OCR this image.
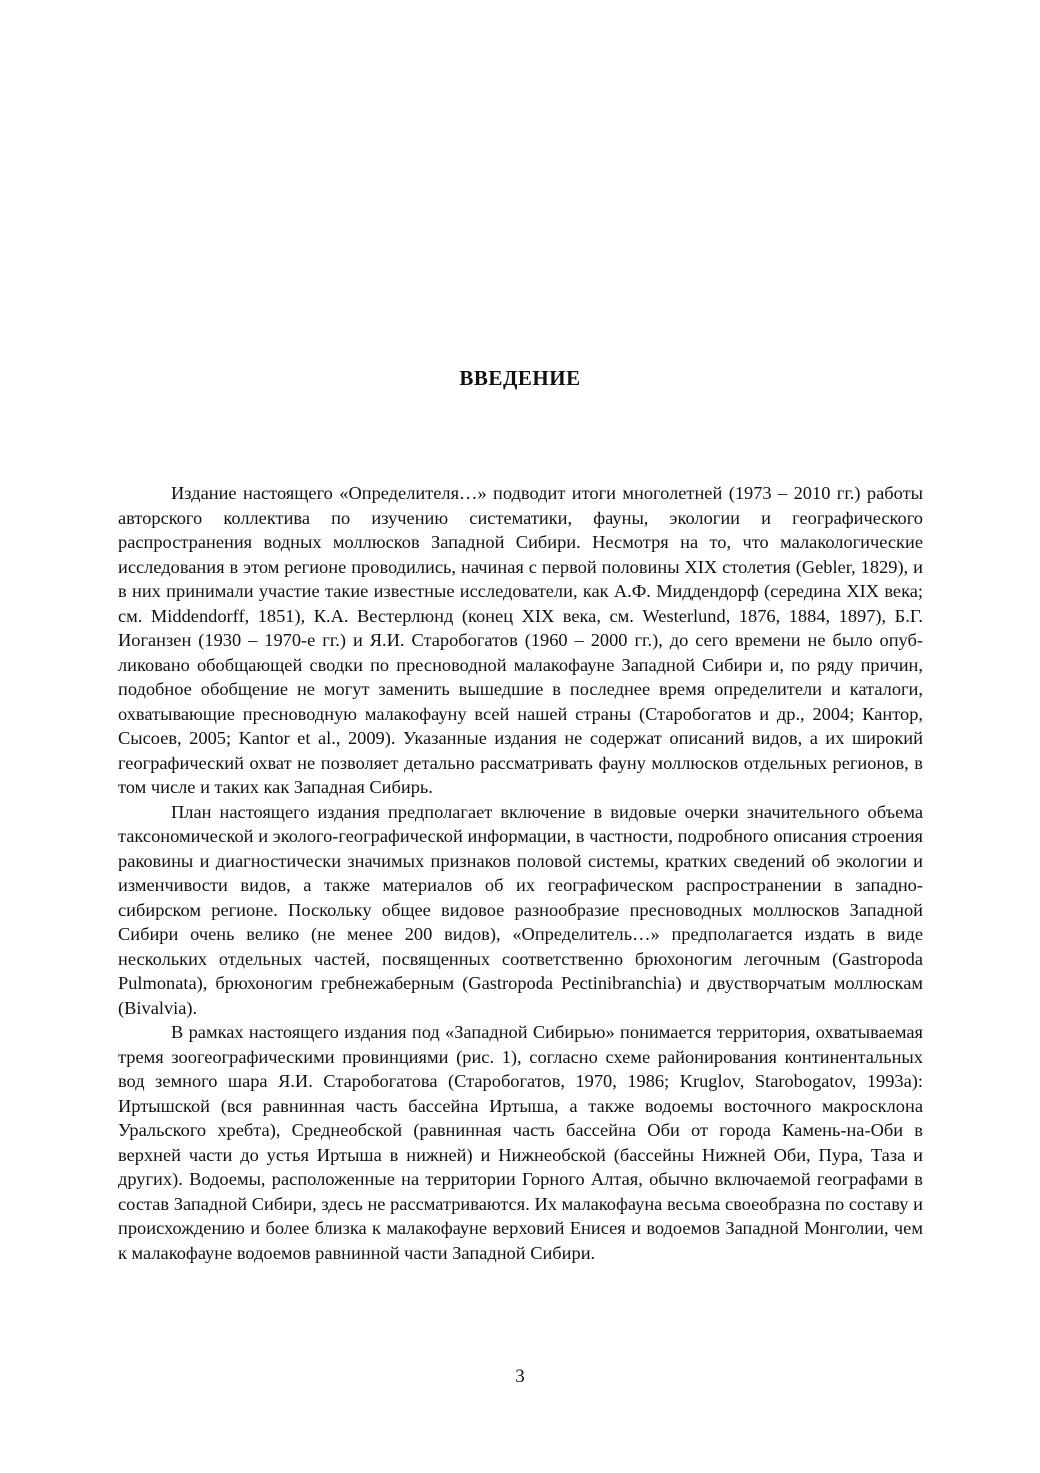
ВВЕДЕНИЕ

Издание настоящего «Определителя…» подводит итоги многолетней (1973 – 2010 гг.) работы авторского коллектива по изучению систематики, фауны, экологии и географического распространения водных моллюсков Западной Сибири. Несмотря на то, что малакологические исследования в этом регионе проводились, начиная с первой половины XIX столетия (Gebler, 1829), и в них принимали участие такие известные исследователи, как А.Ф. Миддендорф (середина XIX века; см. Middendorff, 1851), К.А. Вестерлюнд (конец XIX века, см. Westerlund, 1876, 1884, 1897), Б.Г. Иоганзен (1930 – 1970-е гг.) и Я.И. Старобогатов (1960 – 2000 гг.), до сего времени не было опубликовано обобщающей сводки по пресноводной малакофауне Западной Сибири и, по ряду причин, подобное обобщение не могут заменить вышедшие в последнее время определители и каталоги, охватывающие пресноводную малакофауну всей нашей страны (Старобогатов и др., 2004; Кантор, Сысоев, 2005; Kantor et al., 2009). Указанные издания не содержат описаний видов, а их широкий географический охват не позволяет детально рассматривать фауну моллюсков отдельных регионов, в том числе и таких как Западная Сибирь.

План настоящего издания предполагает включение в видовые очерки значительного объема таксономической и эколого-географической информации, в частности, подробного описания строения раковины и диагностически значимых признаков половой системы, кратких сведений об экологии и изменчивости видов, а также материалов об их географическом распространении в западно-сибирском регионе. Поскольку общее видовое разнообразие пресноводных моллюсков Западной Сибири очень велико (не менее 200 видов), «Определитель…» предполагается издать в виде нескольких отдельных частей, посвященных соответственно брюхоногим легочным (Gastropoda Pulmonata), брюхоногим гребнежаберным (Gastropoda Pectinibranchia) и двустворчатым моллюскам (Bivalvia).

В рамках настоящего издания под «Западной Сибирью» понимается территория, охватываемая тремя зоогеографическими провинциями (рис. 1), согласно схеме районирования континентальных вод земного шара Я.И. Старобогатова (Старобогатов, 1970, 1986; Kruglov, Starobogatov, 1993a): Иртышской (вся равнинная часть бассейна Иртыша, а также водоемы восточного макросклона Уральского хребта), Среднеобской (равнинная часть бассейна Оби от города Камень-на-Оби в верхней части до устья Иртыша в нижней) и Нижнеобской (бассейны Нижней Оби, Пура, Таза и других). Водоемы, расположенные на территории Горного Алтая, обычно включаемой географами в состав Западной Сибири, здесь не рассматриваются. Их малакофауна весьма своеобразна по составу и происхождению и более близка к малакофауне верховий Енисея и водоемов Западной Монголии, чем к малакофауне водоемов равнинной части Западной Сибири.

3
